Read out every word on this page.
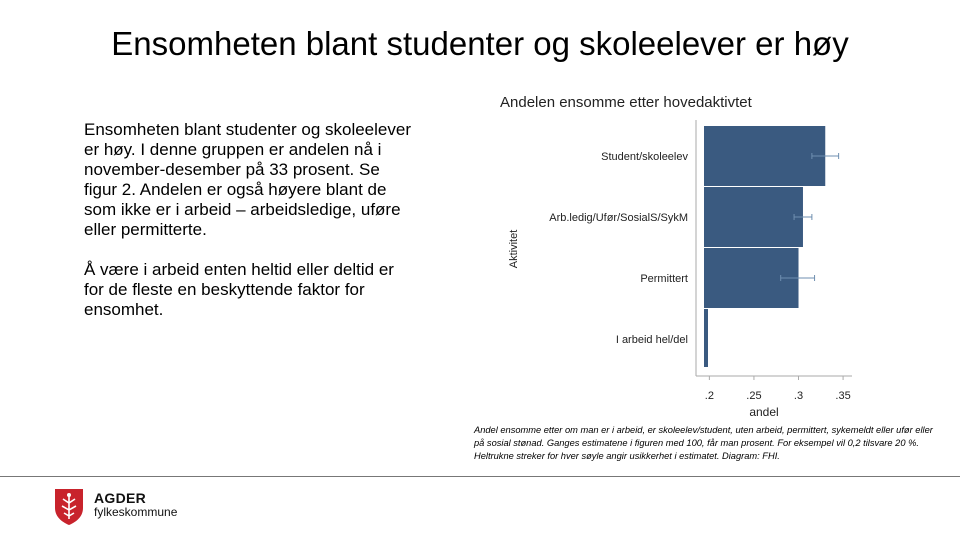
Ensomheten blant studenter og skoleelever er høy

Ensomheten blant studenter og skoleelever er høy. I denne gruppen er andelen nå i november-desember på 33 prosent. Se figur 2. Andelen er også høyere blant de som ikke er i arbeid – arbeidsledige, uføre eller permitterte.

Å være i arbeid enten heltid eller deltid er for de fleste en beskyttende faktor for ensomhet.

Andelen ensomme etter hovedaktivtet
Aktivitet
Student/skoleelev
Arb.ledig/Ufør/SosialS/SykM
Permittert
I arbeid hel/del
.2	.25	.3	.35
andel
Andel ensomme etter om man er i arbeid, er skoleelev/student, uten arbeid, permittert, sykemeldt eller ufør eller på sosial stønad. Ganges estimatene i figuren med 100, får man prosent. For eksempel vil 0,2 tilsvare 20 %. Heltrukne streker for hver søyle angir usikkerhet i estimatet. Diagram: FHI.
AGDER
fylkeskommune
